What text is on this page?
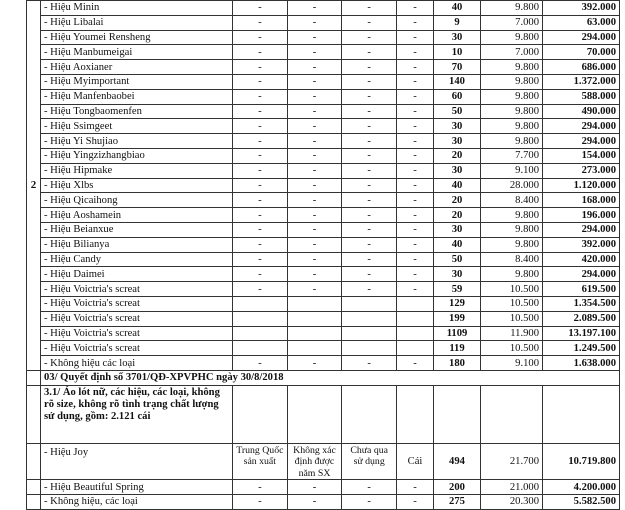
2	- Hiệu Minin	-	-	-	-	40	9.800	392.000
	- Hiệu Libalai	-	-	-	-	9	7.000	63.000
	- Hiệu Youmei Rensheng	-	-	-	-	30	9.800	294.000
	- Hiệu Manbumeigai	-	-	-	-	10	7.000	70.000
	- Hiệu Aoxianer	-	-	-	-	70	9.800	686.000
	- Hiệu Myimportant	-	-	-	-	140	9.800	1.372.000
	- Hiệu Manfenbaobei	-	-	-	-	60	9.800	588.000
	- Hiệu Tongbaomenfen	-	-	-	-	50	9.800	490.000
	- Hiệu Ssimgeet	-	-	-	-	30	9.800	294.000
	- Hiệu Yi Shujiao	-	-	-	-	30	9.800	294.000
	- Hiệu Yingzizhangbiao	-	-	-	-	20	7.700	154.000
	- Hiệu Hipmake	-	-	-	-	30	9.100	273.000
	- Hiệu Xlbs	-	-	-	-	40	28.000	1.120.000
	- Hiệu Qicaihong	-	-	-	-	20	8.400	168.000
	- Hiệu Aoshamein	-	-	-	-	20	9.800	196.000
	- Hiệu Beianxue	-	-	-	-	30	9.800	294.000
	- Hiệu Bilianya	-	-	-	-	40	9.800	392.000
	- Hiệu Candy	-	-	-	-	50	8.400	420.000
	- Hiệu Daimei	-	-	-	-	30	9.800	294.000
	- Hiệu Voictria's screat	-	-	-	-	59	10.500	619.500
	- Hiệu Voictria's screat					129	10.500	1.354.500
	- Hiệu Voictria's screat					199	10.500	2.089.500
	- Hiệu Voictria's screat					1109	11.900	13.197.100
	- Hiệu Voictria's screat					119	10.500	1.249.500
	- Không hiệu các loại	-	-	-	-	180	9.100	1.638.000
	03/ Quyết định số 3701/QĐ-XPVPHC ngày 30/8/2018							
	3.1/ Áo lót nữ, các hiệu, các loại, không rõ size, không rõ tình trạng chất lượng sử dụng, gồm: 2.121 cái							
	- Hiệu Joy	Trung Quốc sản xuất	Không xác định được năm SX	Chưa qua sử dụng	Cái	494	21.700	10.719.800
	- Hiệu Beautiful Spring	-	-	-	-	200	21.000	4.200.000
	- Không hiệu, các loại	-	-	-	-	275	20.300	5.582.500
